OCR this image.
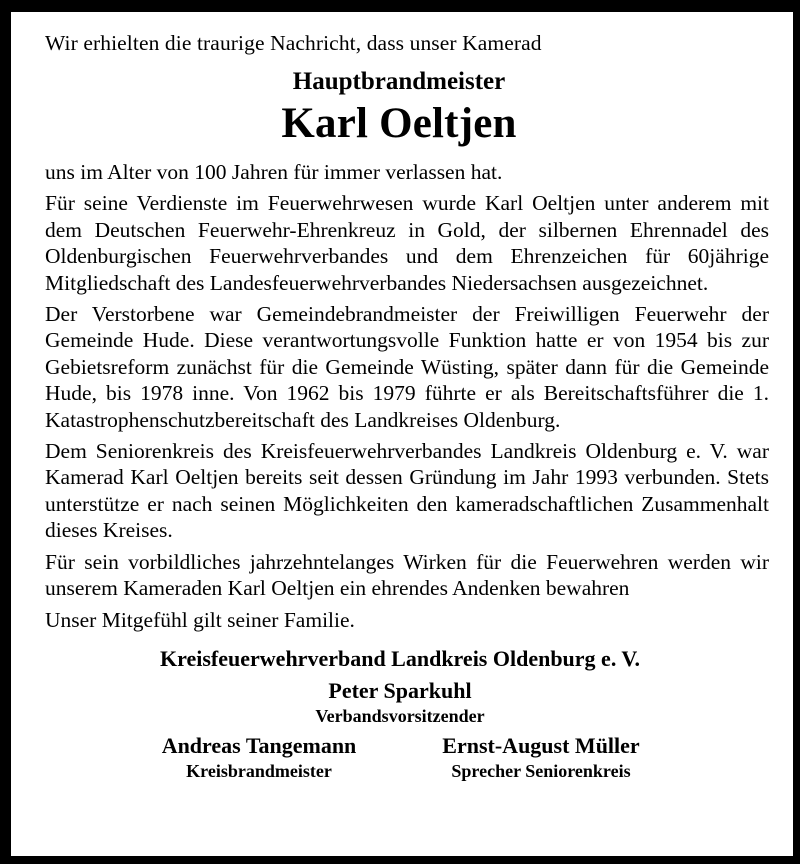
Wir erhielten die traurige Nachricht, dass unser Kamerad

Hauptbrandmeister

Karl Oeltjen

uns im Alter von 100 Jahren für immer verlassen hat.

Für seine Verdienste im Feuerwehrwesen wurde Karl Oeltjen unter anderem mit dem Deutschen Feuerwehr-Ehrenkreuz in Gold, der silbernen Ehrennadel des Oldenburgischen Feuerwehrverbandes und dem Ehrenzeichen für 60jährige Mitgliedschaft des Landesfeuerwehrverbandes Niedersachsen ausgezeichnet.

Der Verstorbene war Gemeindebrandmeister der Freiwilligen Feuerwehr der Gemeinde Hude. Diese verantwortungsvolle Funktion hatte er von 1954 bis zur Gebietsreform zunächst für die Gemeinde Wüsting, später dann für die Gemeinde Hude, bis 1978 inne. Von 1962 bis 1979 führte er als Bereitschaftsführer die 1. Katastrophenschutzbereitschaft des Landkreises Oldenburg.

Dem Seniorenkreis des Kreisfeuerwehrverbandes Landkreis Oldenburg e. V. war Kamerad Karl Oeltjen bereits seit dessen Gründung im Jahr 1993 verbunden. Stets unterstütze er nach seinen Möglichkeiten den kameradschaftlichen Zusammenhalt dieses Kreises.

Für sein vorbildliches jahrzehntelanges Wirken für die Feuerwehren werden wir unserem Kameraden Karl Oeltjen ein ehrendes Andenken bewahren

Unser Mitgefühl gilt seiner Familie.

Kreisfeuerwehrverband Landkreis Oldenburg e. V.

Peter Sparkuhl

Verbandsvorsitzender

Andreas Tangemann

Kreisbrandmeister

Ernst-August Müller

Sprecher Seniorenkreis
